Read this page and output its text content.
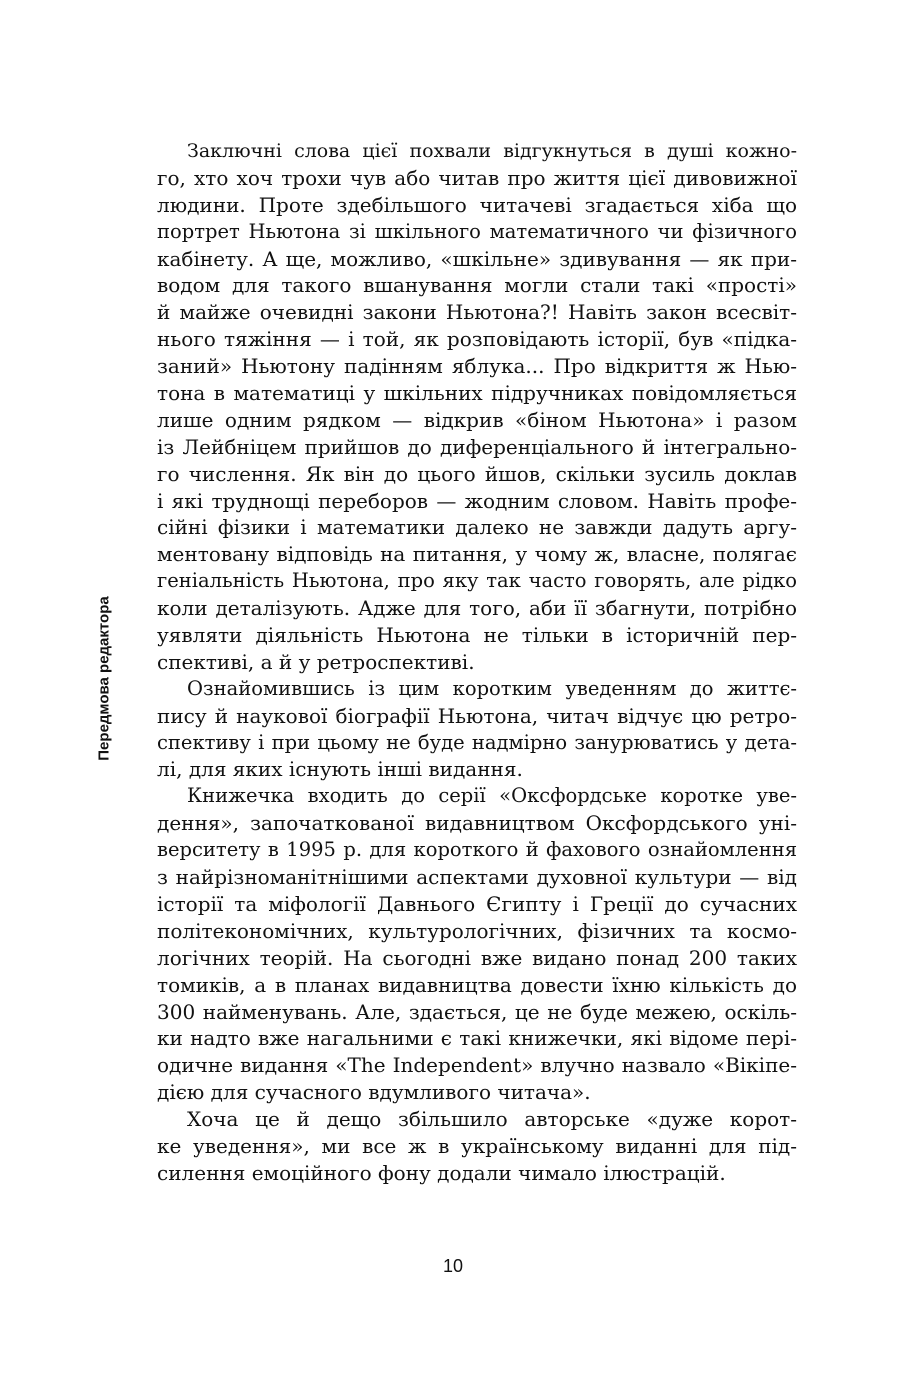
Передмова редактора
Заключні слова цієї похвали відгукнуться в душі кожно-
го, хто хоч трохи чув або читав про життя цієї дивовижної
людини. Проте здебільшого читачеві згадається хіба що
портрет Ньютона зі шкільного математичного чи фізичного
кабінету. А ще, можливо, «шкільне» здивування — як при-
водом для такого вшанування могли стали такі «прості»
й майже очевидні закони Ньютона?! Навіть закон всесвіт-
нього тяжіння — і той, як розповідають історії, був «підка-
заний» Ньютону падінням яблука... Про відкриття ж Нью-
тона в математиці у шкільних підручниках повідомляється
лише одним рядком — відкрив «біном Ньютона» і разом
із Лейбніцем прийшов до диференціального й інтегрально-
го числення. Як він до цього йшов, скільки зусиль доклав
і які труднощі переборов — жодним словом. Навіть профе-
сійні фізики і математики далеко не завжди дадуть аргу-
ментовану відповідь на питання, у чому ж, власне, полягає
геніальність Ньютона, про яку так часто говорять, але рідко
коли деталізують. Адже для того, аби її збагнути, потрібно
уявляти діяльність Ньютона не тільки в історичній пер-
спективі, а й у ретроспективі.
Ознайомившись із цим коротким уведенням до життє-
пису й наукової біографії Ньютона, читач відчує цю ретро-
спективу і при цьому не буде надмірно занурюватись у дета-
лі, для яких існують інші видання.
Книжечка входить до серії «Оксфордське коротке уве-
дення», започаткованої видавництвом Оксфордського уні-
верситету в 1995 р. для короткого й фахового ознайомлення
з найрізноманітнішими аспектами духовної культури — від
історії та міфології Давнього Єгипту і Греції до сучасних
політекономічних, культурологічних, фізичних та космо-
логічних теорій. На сьогодні вже видано понад 200 таких
томиків, а в планах видавництва довести їхню кількість до
300 найменувань. Але, здається, це не буде межею, оскіль-
ки надто вже нагальними є такі книжечки, які відоме пері-
одичне видання «The Independent» влучно назвало «Вікіпе-
дією для сучасного вдумливого читача».
Хоча це й дещо збільшило авторське «дуже корот-
ке уведення», ми все ж в українському виданні для під-
силення емоційного фону додали чимало ілюстрацій.
10
